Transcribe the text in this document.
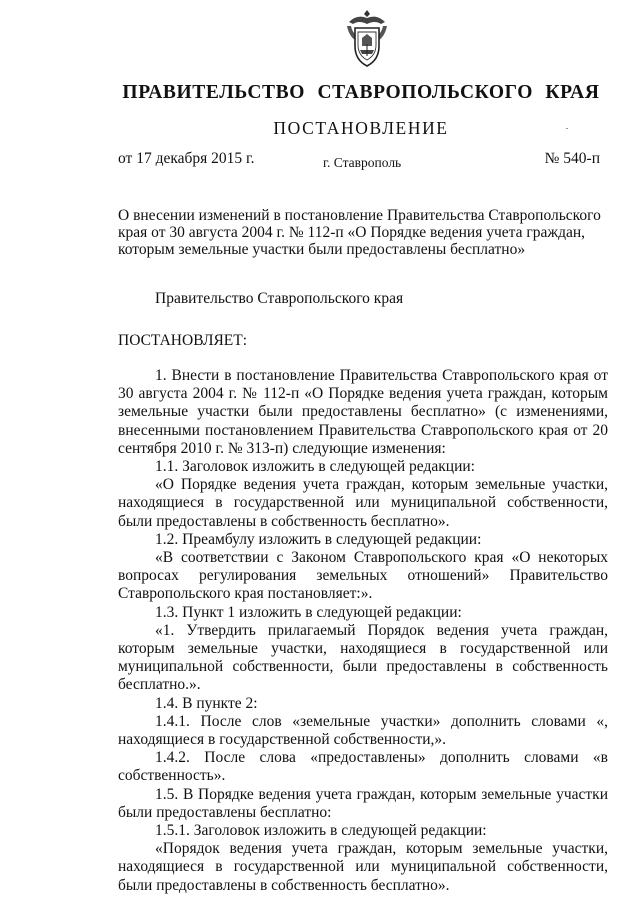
ПРАВИТЕЛЬСТВО СТАВРОПОЛЬСКОГО КРАЯ
ПОСТАНОВЛЕНИЕ
от 17 декабря 2015 г.	г. Ставрополь	№ 540-п
О внесении изменений в постановление Правительства Ставропольского края от 30 августа 2004 г. № 112-п «О Порядке ведения учета граждан, которым земельные участки были предоставлены бесплатно»
Правительство Ставропольского края
ПОСТАНОВЛЯЕТ:

1. Внести в постановление Правительства Ставропольского края от 30 августа 2004 г. № 112-п «О Порядке ведения учета граждан, которым земельные участки были предоставлены бесплатно» (с изменениями, внесенными постановлением Правительства Ставропольского края от 20 сентября 2010 г. № 313-п) следующие изменения:

1.1. Заголовок изложить в следующей редакции:

«О Порядке ведения учета граждан, которым земельные участки, находящиеся в государственной или муниципальной собственности, были предоставлены в собственность бесплатно».

1.2. Преамбулу изложить в следующей редакции:

«В соответствии с Законом Ставропольского края «О некоторых вопросах регулирования земельных отношений» Правительство Ставропольского края постановляет:».

1.3. Пункт 1 изложить в следующей редакции:

«1. Утвердить прилагаемый Порядок ведения учета граждан, которым земельные участки, находящиеся в государственной или муниципальной собственности, были предоставлены в собственность бесплатно.».

1.4. В пункте 2:

1.4.1. После слов «земельные участки» дополнить словами «, находящиеся в государственной собственности,».

1.4.2. После слова «предоставлены» дополнить словами «в собственность».

1.5. В Порядке ведения учета граждан, которым земельные участки были предоставлены бесплатно:

1.5.1. Заголовок изложить в следующей редакции:

«Порядок ведения учета граждан, которым земельные участки, находящиеся в государственной или муниципальной собственности, были предоставлены в собственность бесплатно».
